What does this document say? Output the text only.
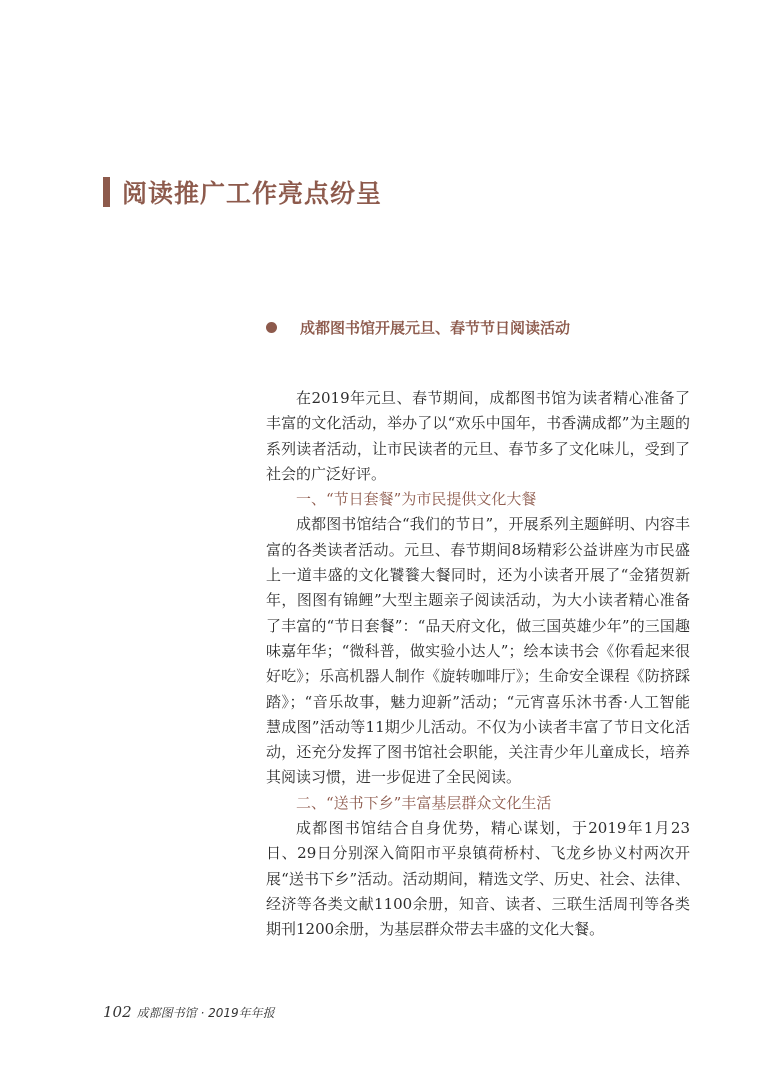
阅读推广工作亮点纷呈
成都图书馆开展元旦、春节节日阅读活动

在2019年元旦、春节期间，成都图书馆为读者精心准备了丰富的文化活动，举办了以“欢乐中国年，书香满成都”为主题的系列读者活动，让市民读者的元旦、春节多了文化味儿，受到了社会的广泛好评。

一、“节日套餐”为市民提供文化大餐

成都图书馆结合“我们的节日”，开展系列主题鲜明、内容丰富的各类读者活动。元旦、春节期间8场精彩公益讲座为市民盛上一道丰盛的文化饕餮大餐同时，还为小读者开展了“金猪贺新年，图图有锦鲤”大型主题亲子阅读活动，为大小读者精心准备了丰富的“节日套餐”：“品天府文化，做三国英雄少年”的三国趣味嘉年华；“微科普，做实验小达人”；绘本读书会《你看起来很好吃》；乐高机器人制作《旋转咖啡厅》；生命安全课程《防挤踩踏》；“音乐故事，魅力迎新”活动；“元宵喜乐沐书香·人工智能慧成图”活动等11期少儿活动。不仅为小读者丰富了节日文化活动，还充分发挥了图书馆社会职能，关注青少年儿童成长，培养其阅读习惯，进一步促进了全民阅读。

二、“送书下乡”丰富基层群众文化生活

成都图书馆结合自身优势，精心谋划，于2019年1月23日、29日分别深入简阳市平泉镇荷桥村、飞龙乡协义村两次开展“送书下乡”活动。活动期间，精选文学、历史、社会、法律、经济等各类文献1100余册，知音、读者、三联生活周刊等各类期刊1200余册，为基层群众带去丰盛的文化大餐。

102 成都图书馆 · 2019年年报
